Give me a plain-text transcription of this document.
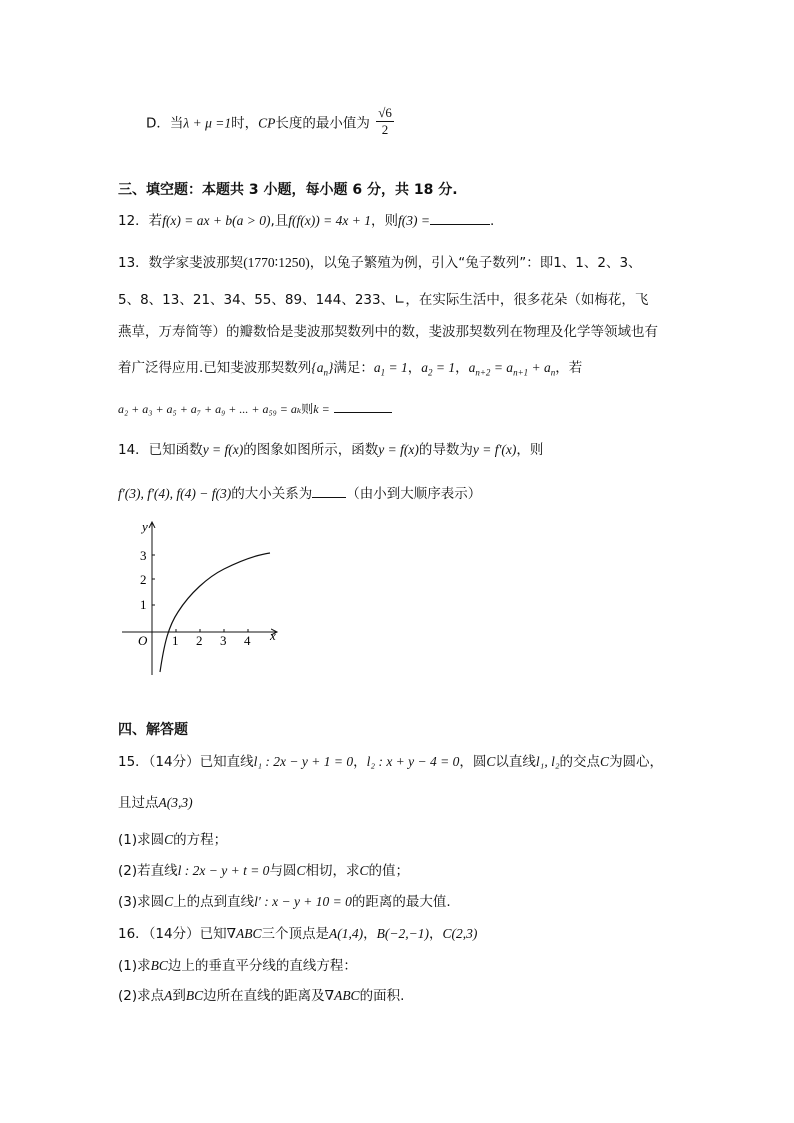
D．当λ + μ =1时，CP长度的最小值为 $\frac{√6}{2}$
三、填空题：本题共 3 小题，每小题 6 分，共 18 分.
12．若f(x) = ax + b(a > 0),且f(f(x)) = 4x + 1，则f(3) =	.
13．数学家斐波那契(1770∶1250)，以兔子繁殖为例，引入“兔子数列”：即1、1、2、3、
5、8、13、21、34、55、89、144、233、∟，在实际生活中，很多花朵（如梅花，飞
燕草，万寿简等）的瓣数恰是斐波那契数列中的数，斐波那契数列在物理及化学等领域也有
着广泛得应用.已知斐波那契数列$\{a_n\}$满足：$a_1 = 1$，$a_2 = 1$，$a_{n+2} = a_{n+1} + a_n$，若
a₂ + a₃ + a₅ + a₇ + a₉ + ... + a₅₉ = aₖ则k =
14．已知函数y = f(x)的图象如图所示，函数y = f(x)的导数为y = f′(x)，则
f′(3), f′(4), f(4) − f(3)的大小关系为	（由小到大顺序表示）
y
x
O 1 2 3 4
1
2
3
四、解答题
15．（14分）已知直线l₁ : 2x − y + 1 = 0，l₂ : x + y − 4 = 0，圆C以直线l₁, l₂的交点C为圆心，
且过点A(3,3)
(1)求圆C的方程；
(2)若直线l : 2x − y + t = 0与圆C相切，求C的值；
(3)求圆C上的点到直线l′ : x − y + 10 = 0的距离的最大值.
16．（14分）已知∇ABC三个顶点是A(1,4)，B(−2,−1)，C(2,3)
(1)求BC边上的垂直平分线的直线方程：
(2)求点A到BC边所在直线的距离及∇ABC的面积.
